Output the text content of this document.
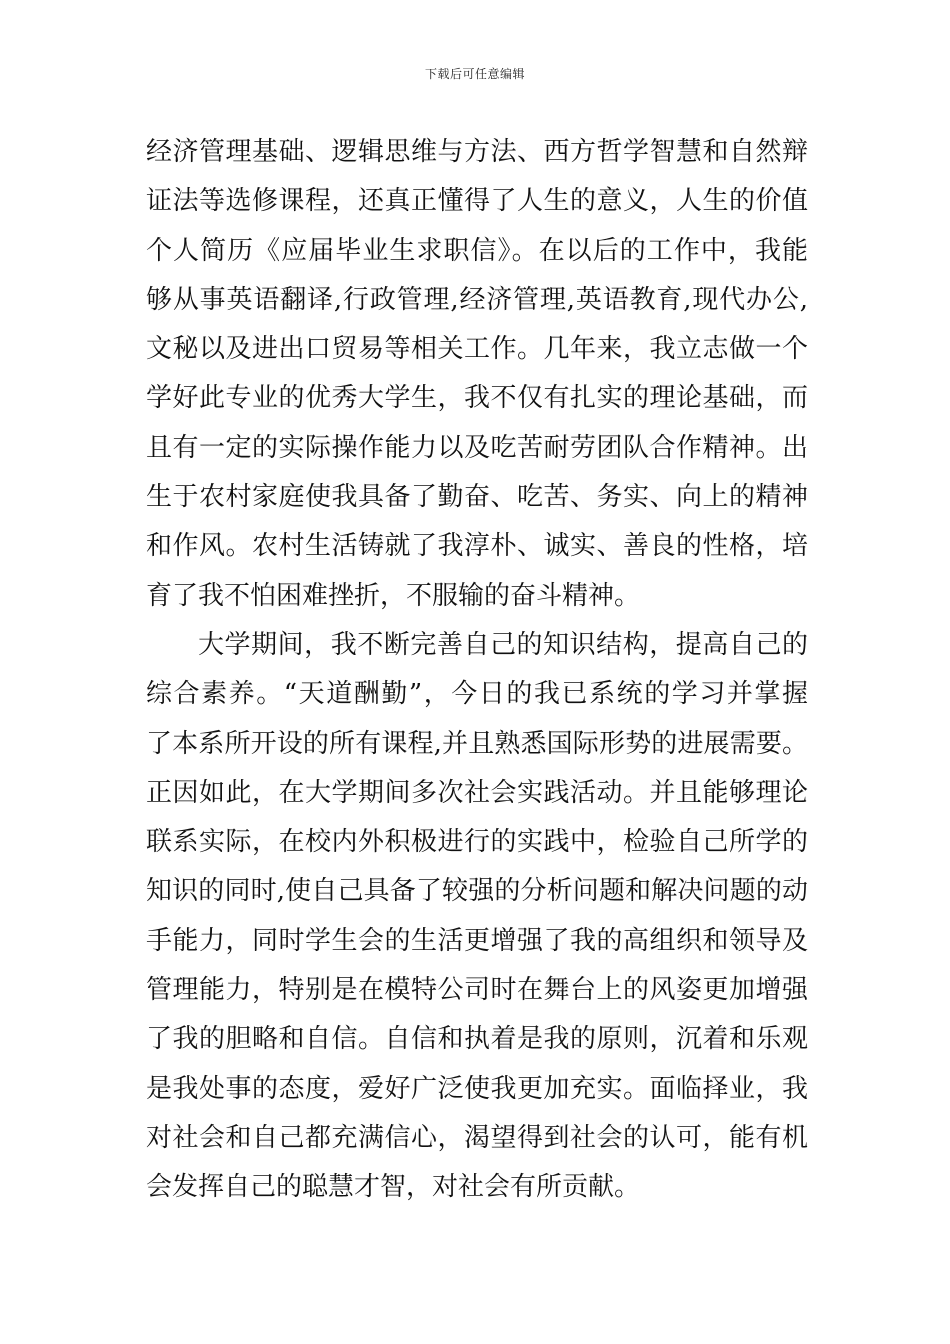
下载后可任意编辑
经济管理基础、逻辑思维与方法、西方哲学智慧和自然辩
证法等选修课程，还真正懂得了人生的意义，人生的价值
个人简历《应届毕业生求职信》。在以后的工作中，我能
够从事英语翻译,行政管理,经济管理,英语教育,现代办公,
文秘以及进出口贸易等相关工作。几年来，我立志做一个
学好此专业的优秀大学生，我不仅有扎实的理论基础，而
且有一定的实际操作能力以及吃苦耐劳团队合作精神。出
生于农村家庭使我具备了勤奋、吃苦、务实、向上的精神
和作风。农村生活铸就了我淳朴、诚实、善良的性格，培
育了我不怕困难挫折，不服输的奋斗精神。
大学期间，我不断完善自己的知识结构，提高自己的
综合素养。“天道酬勤”，今日的我已系统的学习并掌握
了本系所开设的所有课程,并且熟悉国际形势的进展需要。
正因如此，在大学期间多次社会实践活动。并且能够理论
联系实际，在校内外积极进行的实践中，检验自己所学的
知识的同时,使自己具备了较强的分析问题和解决问题的动
手能力，同时学生会的生活更增强了我的高组织和领导及
管理能力，特别是在模特公司时在舞台上的风姿更加增强
了我的胆略和自信。自信和执着是我的原则，沉着和乐观
是我处事的态度，爱好广泛使我更加充实。面临择业，我
对社会和自己都充满信心，渴望得到社会的认可，能有机
会发挥自己的聪慧才智，对社会有所贡献。
